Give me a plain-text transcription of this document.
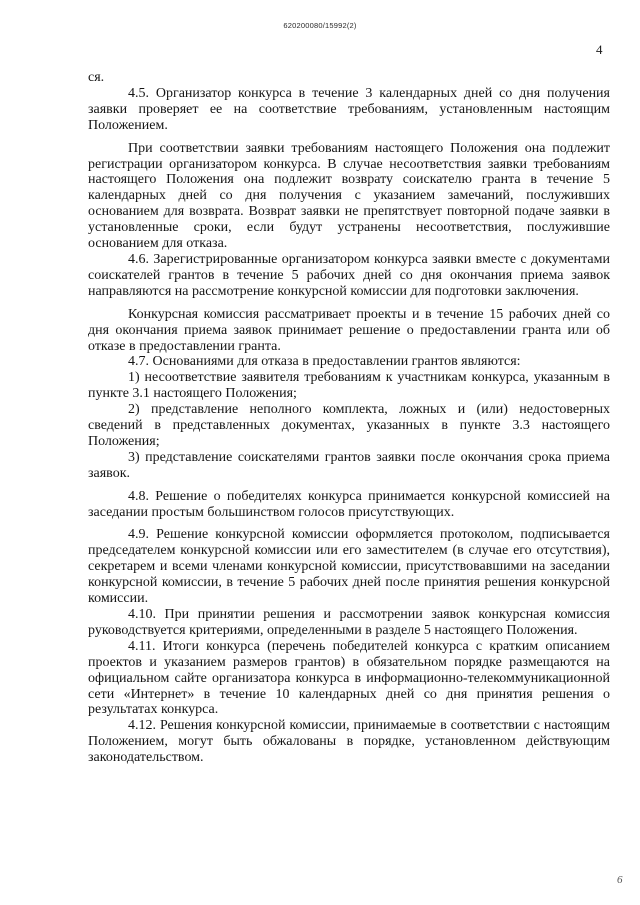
620200080/15992(2)
4

ся.

4.5. Организатор конкурса в течение 3 календарных дней со дня получения заявки проверяет ее на соответствие требованиям, установленным настоящим Положением.

При соответствии заявки требованиям настоящего Положения она подлежит регистрации организатором конкурса. В случае несоответствия заявки требованиям настоящего Положения она подлежит возврату соискателю гранта в течение 5 календарных дней со дня получения с указанием замечаний, послуживших основанием для возврата. Возврат заявки не препятствует повторной подаче заявки в установленные сроки, если будут устранены несоответствия, послужившие основанием для отказа.

4.6. Зарегистрированные организатором конкурса заявки вместе с документами соискателей грантов в течение 5 рабочих дней со дня окончания приема заявок направляются на рассмотрение конкурсной комиссии для подготовки заключения.

Конкурсная комиссия рассматривает проекты и в течение 15 рабочих дней со дня окончания приема заявок принимает решение о предоставлении гранта или об отказе в предоставлении гранта.

4.7. Основаниями для отказа в предоставлении грантов являются:

1) несоответствие заявителя требованиям к участникам конкурса, указанным в пункте 3.1 настоящего Положения;

2) представление неполного комплекта, ложных и (или) недостоверных сведений в представленных документах, указанных в пункте 3.3 настоящего Положения;

3) представление соискателями грантов заявки после окончания срока приема заявок.

4.8. Решение о победителях конкурса принимается конкурсной комиссией на заседании простым большинством голосов присутствующих.

4.9. Решение конкурсной комиссии оформляется протоколом, подписывается председателем конкурсной комиссии или его заместителем (в случае его отсутствия), секретарем и всеми членами конкурсной комиссии, присутствовавшими на заседании конкурсной комиссии, в течение 5 рабочих дней после принятия решения конкурсной комиссии.

4.10. При принятии решения и рассмотрении заявок конкурсная комиссия руководствуется критериями, определенными в разделе 5 настоящего Положения.

4.11. Итоги конкурса (перечень победителей конкурса с кратким описанием проектов и указанием размеров грантов) в обязательном порядке размещаются на официальном сайте организатора конкурса в информационно-телекоммуникационной сети «Интернет» в течение 10 календарных дней со дня принятия решения о результатах конкурса.

4.12. Решения конкурсной комиссии, принимаемые в соответствии с настоящим Положением, могут быть обжалованы в порядке, установленном действующим законодательством.

6
